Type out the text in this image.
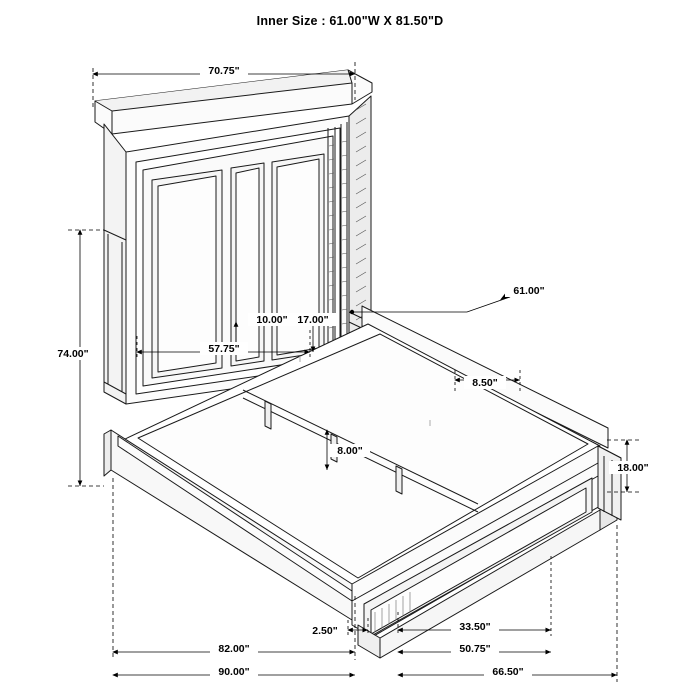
Inner Size : 61.00"W X 81.50"D
70.75"
74.00"	57.75"
10.00" 17.00"
61.00"
8.50"
8.00"
18.00"
2.50"	33.50"
50.75"
82.00"
90.00"	66.50"
